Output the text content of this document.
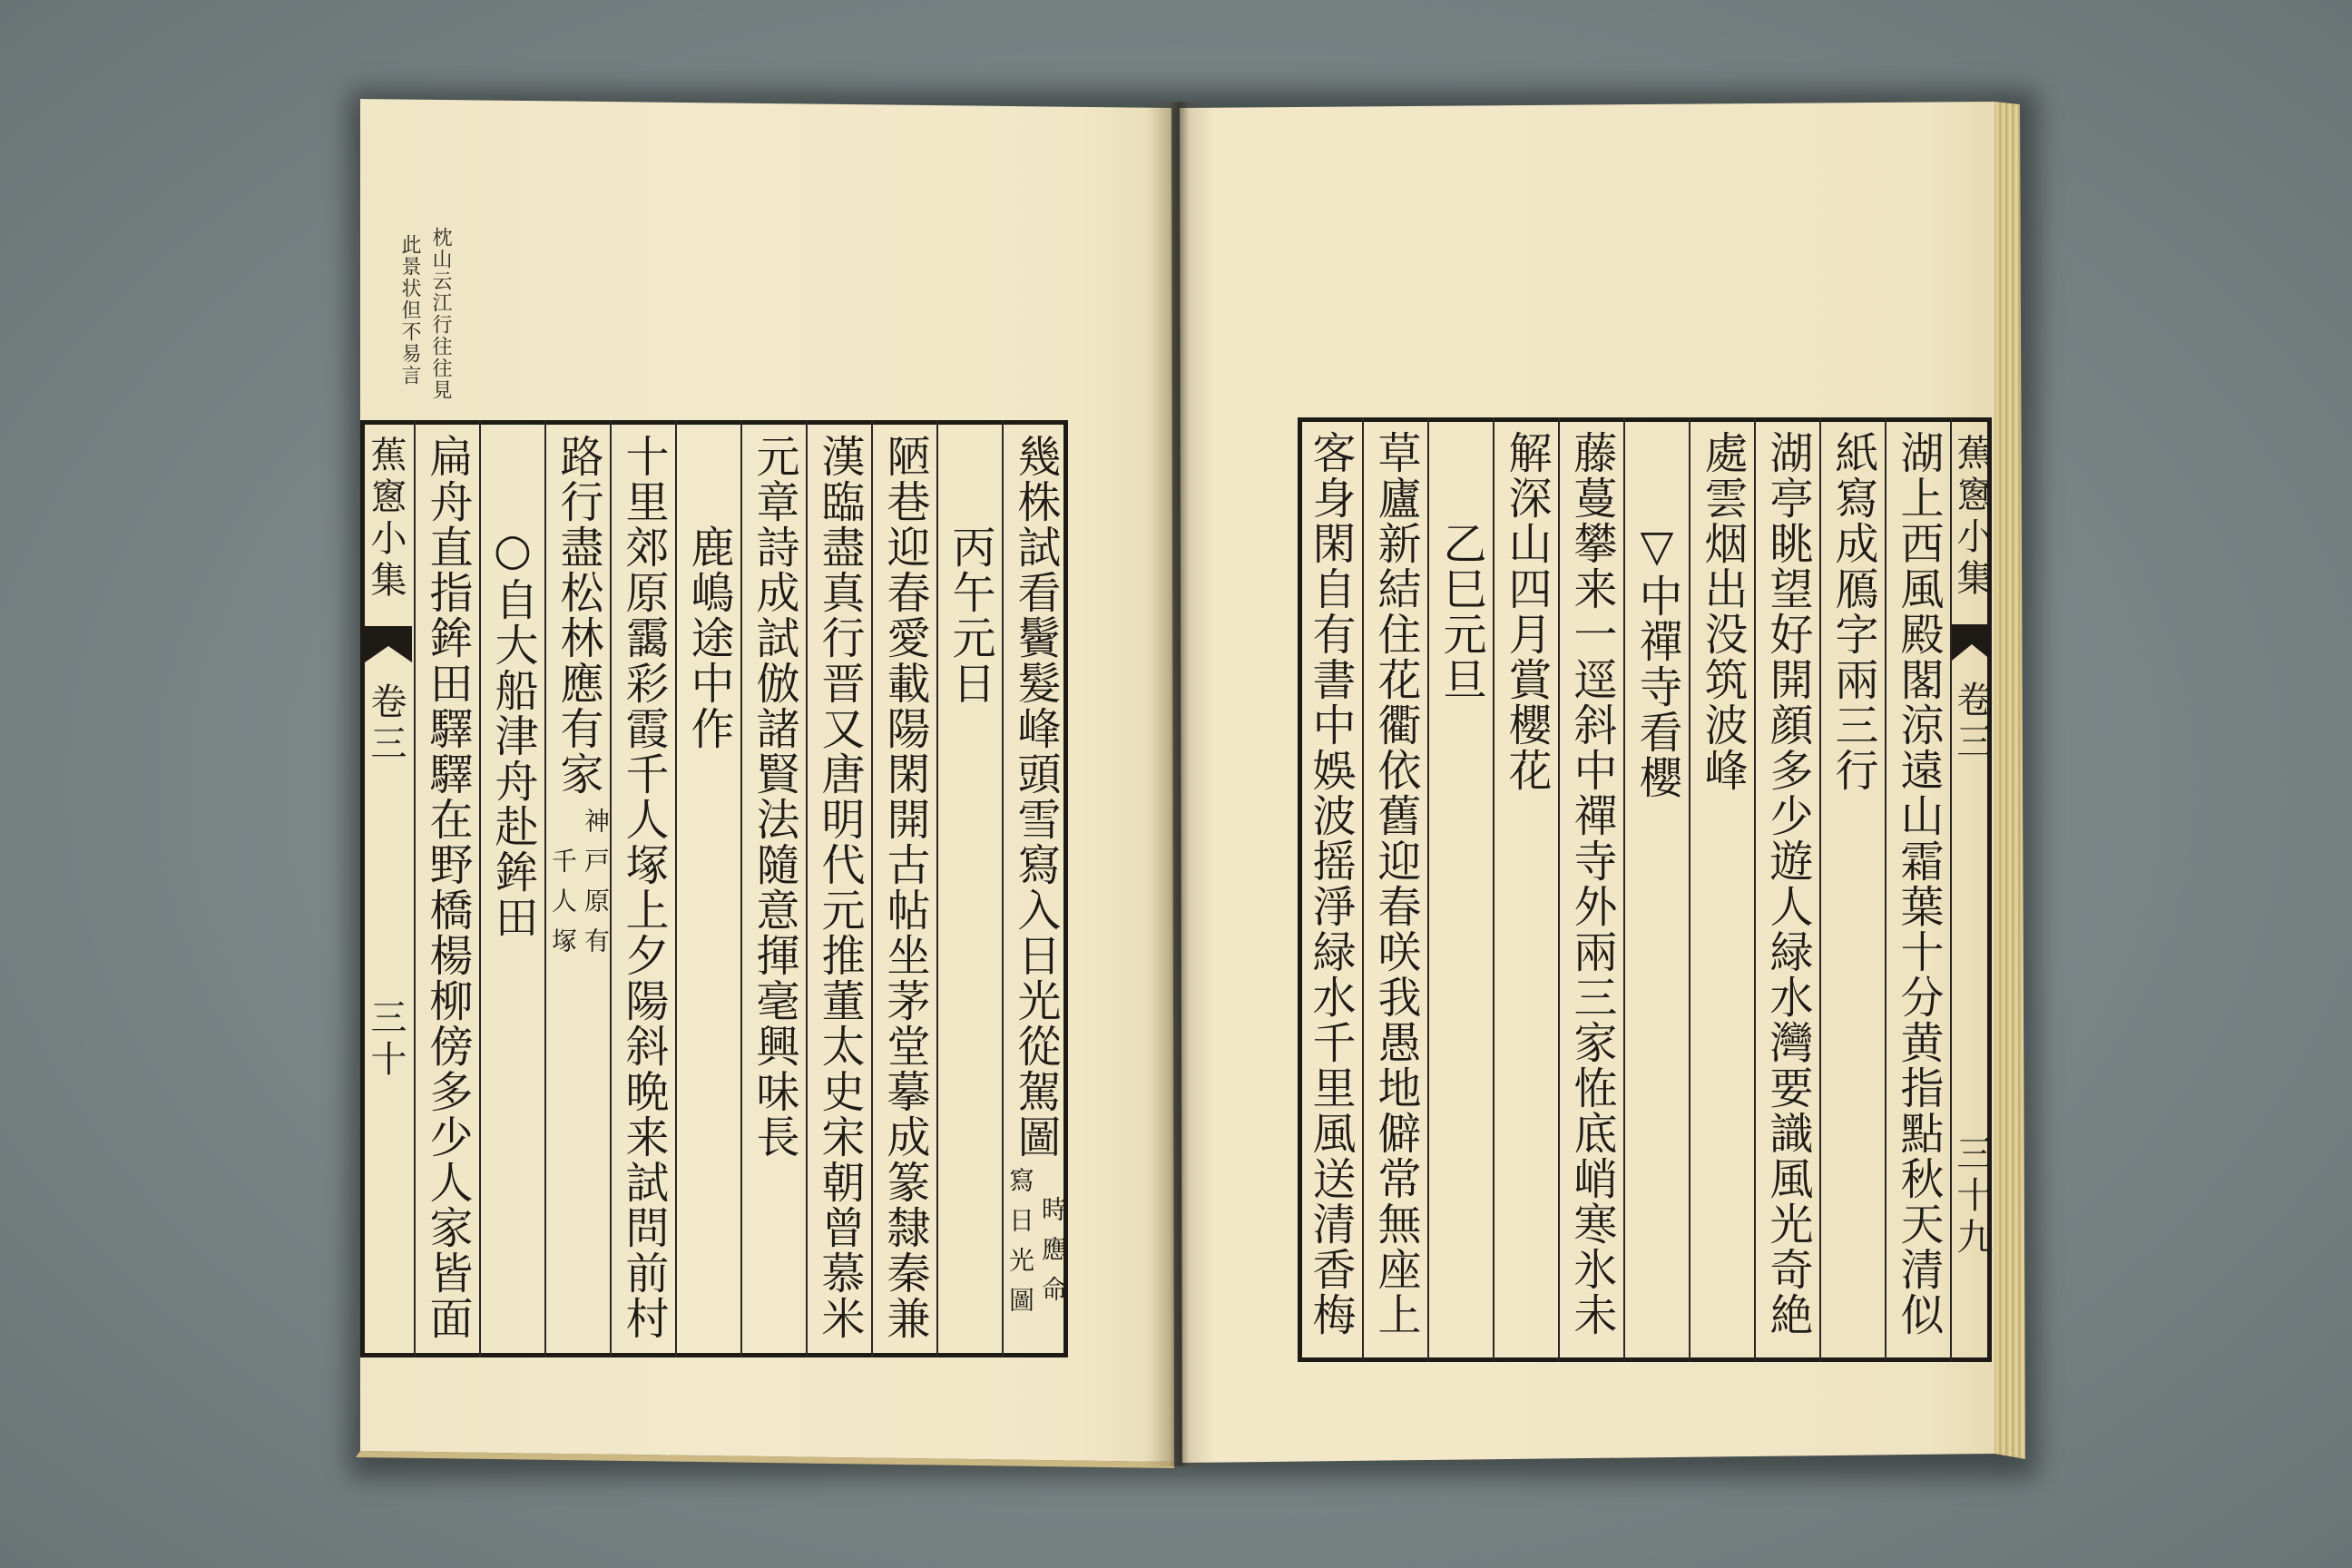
枕山云江行往往見
此景状但不易言
蕉窻小集
卷三
三十	幾株試看鬢髮峰頭雪寫入日光從駕圖
時應命
寫日光圖
丙午元日
陋巷迎春愛載陽閑開古帖坐茅堂摹成篆隸秦兼
漢臨盡真行晋又唐明代元推董太史宋朝曾慕米
元章詩成試倣諸賢法隨意揮毫興味長
鹿嶋途中作
十里郊原靄彩霞千人塚上夕陽斜晩来試問前村
路行盡松林應有家
神戸原有
千人塚
○自大船津舟赴鉾田
扁舟直指鉾田驛驛在野橋楊柳傍多少人家皆面	蕉窻小集
卷三
三十九
湖上西風殿閣涼遠山霜葉十分黄指點秋天清似
紙寫成鴈字兩三行
湖亭眺望好開顔多少遊人緑水灣要識風光奇絶
處雲烟出没筑波峰
▽中禪寺看櫻
藤蔓攀来一逕斜中禪寺外兩三家恠底峭寒氷未
解深山四月賞櫻花
乙巳元旦
草廬新結住花衢依舊迎春咲我愚地僻常無座上
客身閑自有書中娛波摇淨緑水千里風送清香梅
